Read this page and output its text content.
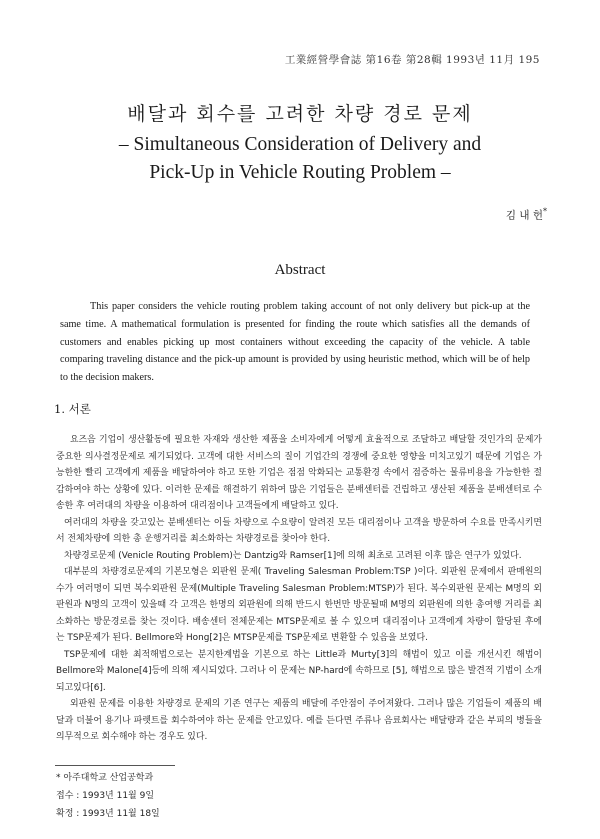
工業經營學會誌 第16卷 第28輯 1993년 11月 195
배달과 회수를 고려한 차량 경로 문제
– Simultaneous Consideration of Delivery and
Pick-Up in Vehicle Routing Problem –
김 내 헌*
Abstract
This paper considers the vehicle routing problem taking account of not only delivery but pick-up at the same time. A mathematical formulation is presented for finding the route which satisfies all the demands of customers and enables picking up most containers without exceeding the capacity of the vehicle. A table comparing traveling distance and the pick-up amount is provided by using heuristic method, which will be of help to the decision makers.
1. 서론

요즈음 기업이 생산활동에 필요한 자재와 생산한 제품을 소비자에게 어떻게 효율적으로 조달하고 배달할 것인가의 문제가 중요한 의사결정문제로 제기되었다. 고객에 대한 서비스의 질이 기업간의 경쟁에 중요한 영향을 미치고있기 때문에 기업은 가능한한 빨리 고객에게 제품을 배달하여야 하고 또한 기업은 점점 악화되는 교통환경 속에서 점증하는 물류비용을 가능한한 절감하여야 하는 상황에 있다. 이러한 문제를 해결하기 위하여 많은 기업들은 분배센터를 건립하고 생산된 제품을 분배센터로 수송한 후 여러대의 차량을 이용하여 대리점이나 고객들에게 배달하고 있다.

여러대의 차량을 갖고있는 분배센터는 이들 차량으로 수요량이 알려진 모든 대리점이나 고객을 방문하여 수요를 만족시키면서 전체차량에 의한 총 운행거리를 최소화하는 차량경로를 찾아야 한다.

차량경로문제 (Venicle Routing Problem)는 Dantzig와 Ramser[1]에 의해 최초로 고려된 이후 많은 연구가 있었다.

대부분의 차량경로문제의 기본모형은 외판원 문제( Traveling Salesman Problem:TSP )이다. 외판원 문제에서 판매원의 수가 여러명이 되면 복수외판원 문제(Multiple Traveling Salesman Problem:MTSP)가 된다. 복수외판원 문제는 M명의 외판원과 N명의 고객이 있을때 각 고객은 한명의 외판원에 의해 반드시 한번만 방문될때 M명의 외판원에 의한 총여행 거리를 최소화하는 방문경로를 찾는 것이다. 배송센터 전체문제는 MTSP문제로 볼 수 있으며 대리점이나 고객에게 차량이 할당된 후에는 TSP문제가 된다. Bellmore와 Hong[2]은 MTSP문제를 TSP문제로 변환할 수 있음을 보였다.

TSP문제에 대한 최적해법으로는 분지한계법을 기본으로 하는 Little과 Murty[3]의 해법이 있고 이를 개선시킨 해법이 Bellmore와 Malone[4]등에 의해 제시되었다. 그러나 이 문제는 NP-hard에 속하므로 [5], 해법으로 많은 발견적 기법이 소개되고있다[6].

외판원 문제를 이용한 차량경로 문제의 기존 연구는 제품의 배달에 주안점이 주어져왔다. 그러나 많은 기업들이 제품의 배달과 더불어 용기나 파렛트를 회수하여야 하는 문제를 안고있다. 예를 든다면 주류나 음료회사는 배달량과 같은 부피의 병들을 의무적으로 회수해야 하는 경우도 있다.

* 아주대학교 산업공학과
접수 : 1993년 11월 9일
확정 : 1993년 11월 18일
